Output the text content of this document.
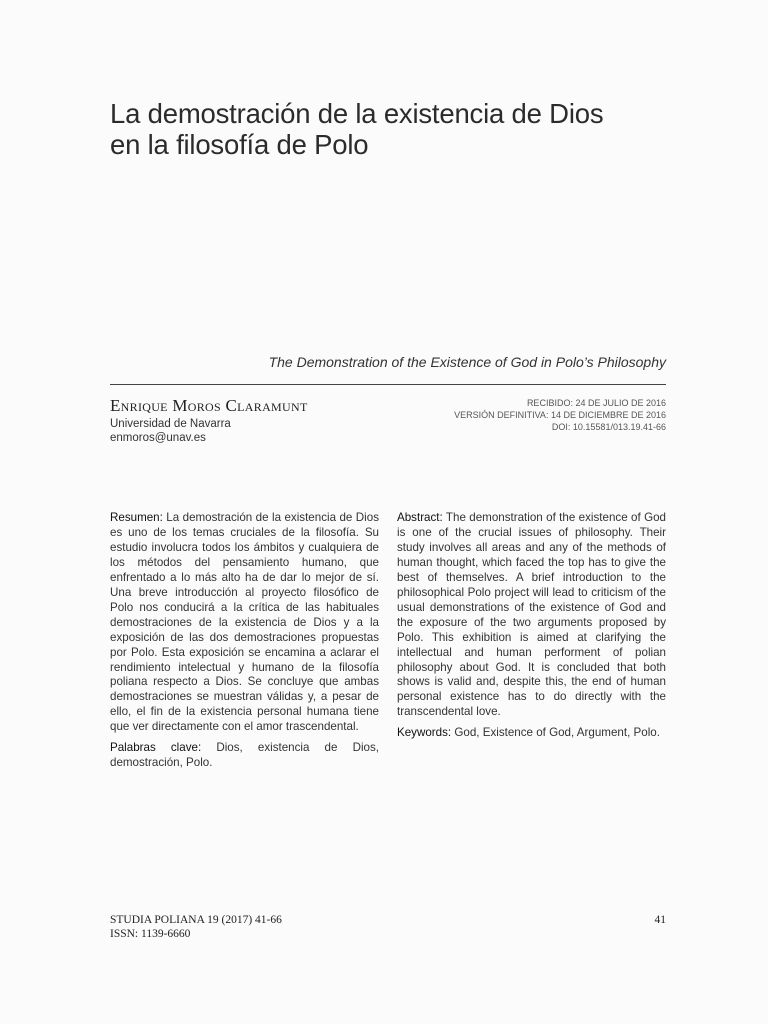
La demostración de la existencia de Dios
en la filosofía de Polo
The Demonstration of the Existence of God in Polo’s Philosophy
Enrique Moros Claramunt
Universidad de Navarra
enmoros@unav.es
RECIBIDO: 24 DE JULIO DE 2016
VERSIÓN DEFINITIVA: 14 DE DICIEMBRE DE 2016
DOI: 10.15581/013.19.41-66

Resumen: La demostración de la existencia de Dios es uno de los temas cruciales de la filosofía. Su estudio involucra todos los ámbitos y cualquiera de los métodos del pensamiento humano, que enfrentado a lo más alto ha de dar lo mejor de sí. Una breve introducción al proyecto filosófico de Polo nos conducirá a la crítica de las habituales demostraciones de la existencia de Dios y a la exposición de las dos demostraciones propuestas por Polo. Esta exposición se encamina a aclarar el rendimiento intelectual y humano de la filosofía poliana respecto a Dios. Se concluye que ambas demostraciones se muestran válidas y, a pesar de ello, el fin de la existencia personal humana tiene que ver directamente con el amor trascendental.

Palabras clave: Dios, existencia de Dios, demostración, Polo.

Abstract: The demonstration of the existence of God is one of the crucial issues of philosophy. Their study involves all areas and any of the methods of human thought, which faced the top has to give the best of themselves. A brief introduction to the philosophical Polo project will lead to criticism of the usual demonstrations of the existence of God and the exposure of the two arguments proposed by Polo. This exhibition is aimed at clarifying the intellectual and human performent of polian philosophy about God. It is concluded that both shows is valid and, despite this, the end of human personal existence has to do directly with the transcendental love.

Keywords: God, Existence of God, Argument, Polo.

STUDIA POLIANA 19 (2017) 41-66
ISSN: 1139-6660
41
